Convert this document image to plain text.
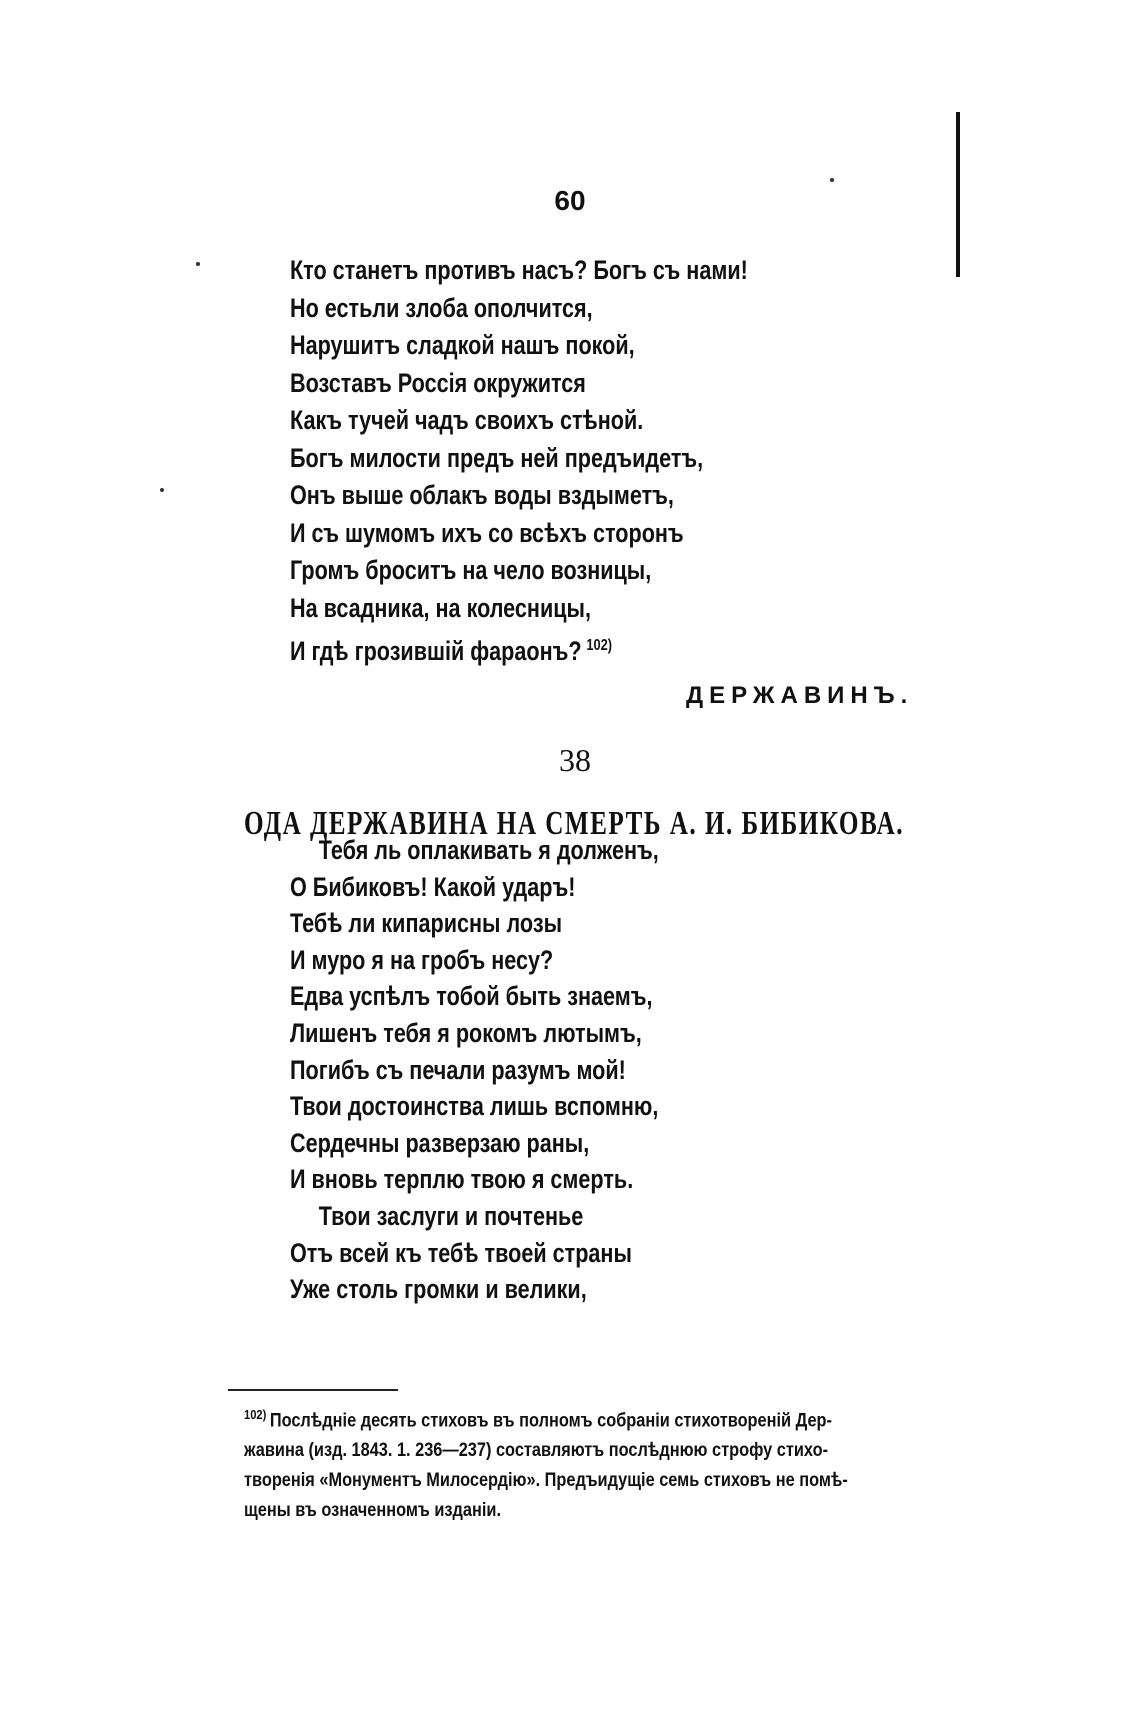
60
Кто станетъ противъ насъ? Богъ съ нами!
Но естьли злоба ополчится,
Нарушитъ сладкой нашъ покой,
Возставъ Россія окружится
Какъ тучей чадъ своихъ стѣной.
Богъ милости предъ ней предъидетъ,
Онъ выше облакъ воды вздыметъ,
И съ шумомъ ихъ со всѣхъ сторонъ
Громъ броситъ на чело возницы,
На всадника, на колесницы,
И гдѣ грозившій фараонъ? $^{102)}$
ДЕРЖАВИНЪ.
38
ОДА ДЕРЖАВИНА НА СМЕРТЬ А. И. БИБИКОВА.
Тебя ль оплакивать я долженъ,
О Бибиковъ! Какой ударъ!
Тебѣ ли кипарисны лозы
И муро я на гробъ несу?
Едва успѣлъ тобой быть знаемъ,
Лишенъ тебя я рокомъ лютымъ,
Погибъ съ печали разумъ мой!
Твои достоинства лишь вспомню,
Сердечны разверзаю раны,
И вновь терплю твою я смерть.
Твои заслуги и почтенье
Отъ всей къ тебѣ твоей страны
Уже столь громки и велики,
$^{102)}$ Послѣдніе десять стиховъ въ полномъ собраніи стихотвореній Дер-
жавина (изд. 1843. 1. 236—237) составляютъ послѣднюю строфу стихо-
творенія «Монументъ Милосердію». Предъидущіе семь стиховъ не помѣ-
щены въ означенномъ изданіи.
